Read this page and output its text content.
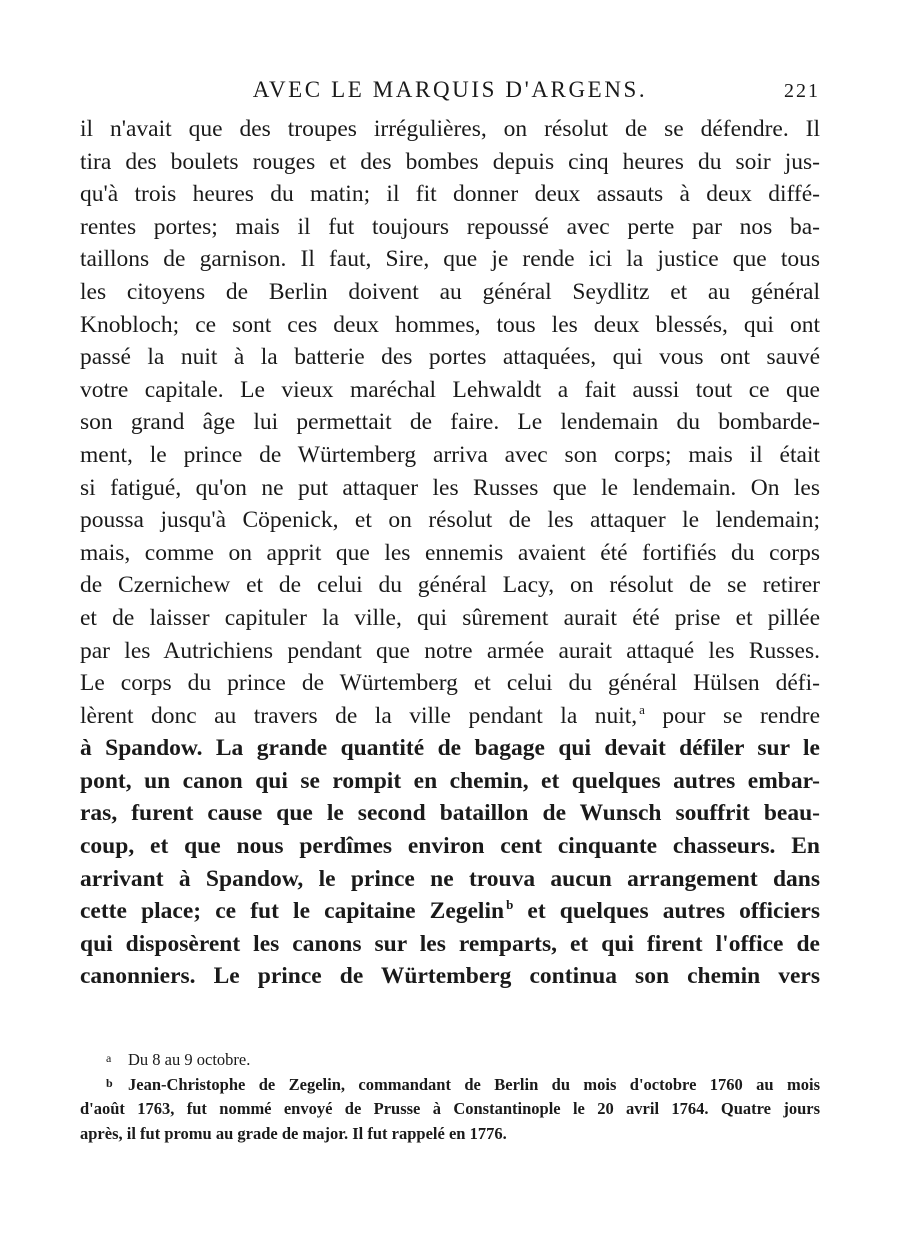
AVEC LE MARQUIS D'ARGENS.	221
il n'avait que des troupes irrégulières, on résolut de se défendre. Il
tira des boulets rouges et des bombes depuis cinq heures du soir jus-
qu'à trois heures du matin; il fit donner deux assauts à deux diffé-
rentes portes; mais il fut toujours repoussé avec perte par nos ba-
taillons de garnison. Il faut, Sire, que je rende ici la justice que tous
les citoyens de Berlin doivent au général Seydlitz et au général
Knobloch; ce sont ces deux hommes, tous les deux blessés, qui ont
passé la nuit à la batterie des portes attaquées, qui vous ont sauvé
votre capitale. Le vieux maréchal Lehwaldt a fait aussi tout ce que
son grand âge lui permettait de faire. Le lendemain du bombarde-
ment, le prince de Würtemberg arriva avec son corps; mais il était
si fatigué, qu'on ne put attaquer les Russes que le lendemain. On les
poussa jusqu'à Cöpenick, et on résolut de les attaquer le lendemain;
mais, comme on apprit que les ennemis avaient été fortifiés du corps
de Czernichew et de celui du général Lacy, on résolut de se retirer
et de laisser capituler la ville, qui sûrement aurait été prise et pillée
par les Autrichiens pendant que notre armée aurait attaqué les Russes.
Le corps du prince de Würtemberg et celui du général Hülsen défi-
lèrent donc au travers de la ville pendant la nuit, $^a$ pour se rendre
à Spandow. La grande quantité de bagage qui devait défiler sur le
pont, un canon qui se rompit en chemin, et quelques autres embar-
ras, furent cause que le second bataillon de Wunsch souffrit beau-
coup, et que nous perdîmes environ cent cinquante chasseurs. En
arrivant à Spandow, le prince ne trouva aucun arrangement dans
cette place; ce fut le capitaine Zegelin $^b$ et quelques autres officiers
qui disposèrent les canons sur les remparts, et qui firent l'office de
canonniers. Le prince de Würtemberg continua son chemin vers
a Du 8 au 9 octobre.
b Jean-Christophe de Zegelin, commandant de Berlin du mois d'octobre 1760 au mois
d'août 1763, fut nommé envoyé de Prusse à Constantinople le 20 avril 1764. Quatre jours
après, il fut promu au grade de major. Il fut rappelé en 1776.
